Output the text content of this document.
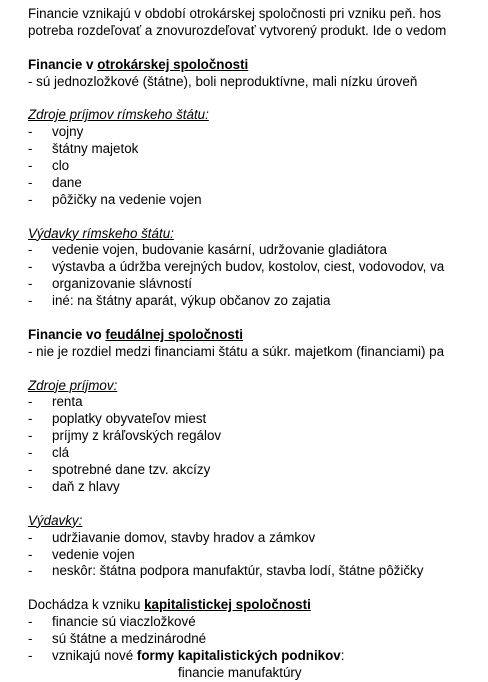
Financie vznikajú v období otrokárskej spoločnosti pri vzniku peň. hos
potreba rozdeľovať a znovurozdeľovať vytvorený produkt. Ide o vedom
Financie v otrokárskej spoločnosti
- sú jednozložkové (štátne), boli neproduktívne, mali nízku úroveň
Zdroje príjmov rímskeho štátu:
- vojny
- štátny majetok
- clo
- dane
- pôžičky na vedenie vojen
Výdavky rímskeho štátu:
- vedenie vojen, budovanie kasární, udržovanie gladiátora
- výstavba a údržba verejných budov, kostolov, ciest, vodovodov, va
- organizovanie slávností
- iné: na štátny aparát, výkup občanov zo zajatia
Financie vo feudálnej spoločnosti
- nie je rozdiel medzi financiami štátu a súkr. majetkom (financiami) pa
Zdroje príjmov:
- renta
- poplatky obyvateľov miest
- príjmy z kráľovských regálov
- clá
- spotrebné dane tzv. akcízy
- daň z hlavy
Výdavky:
- udržiavanie domov, stavby hradov a zámkov
- vedenie vojen
- neskôr: štátna podpora manufaktúr, stavba lodí, štátne pôžičky
Dochádza k vzniku kapitalistickej spoločnosti
- financie sú viaczložkové
- sú štátne a medzinárodné
- vznikajú nové formy kapitalistických podnikov:
financie manufaktúry
